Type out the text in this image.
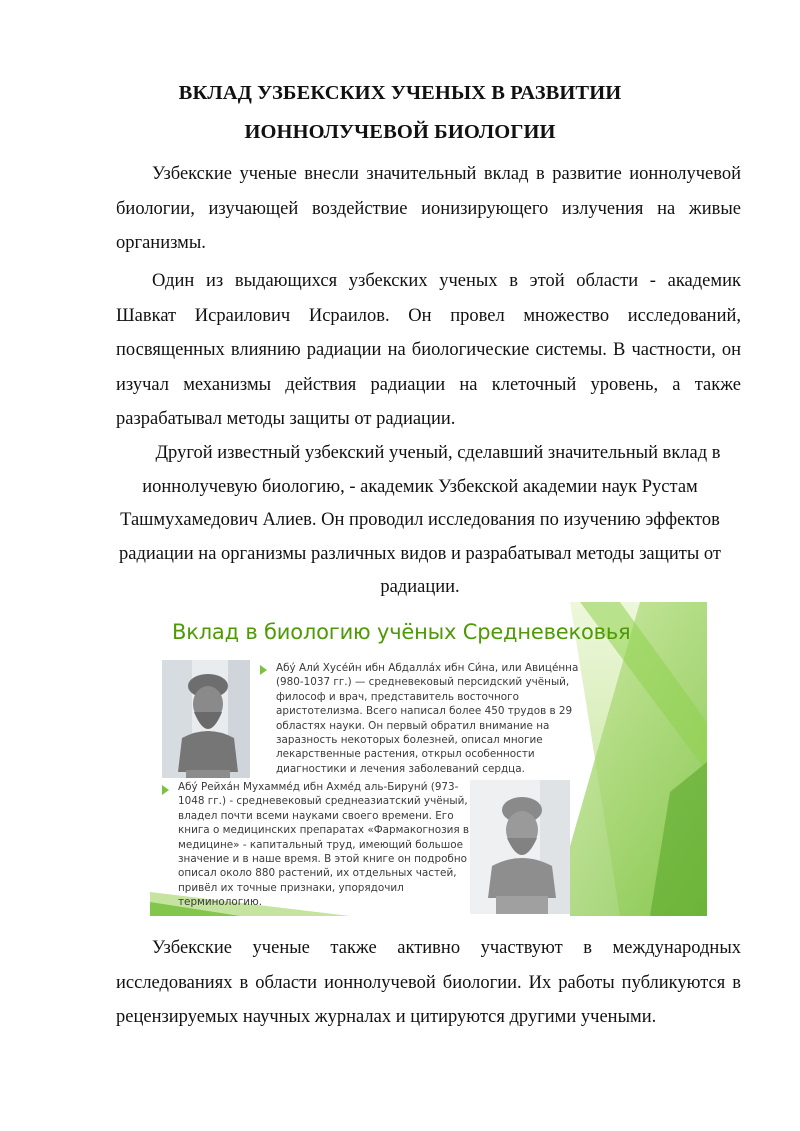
ВКЛАД УЗБЕКСКИХ УЧЕНЫХ В РАЗВИТИИ
ИОННОЛУЧЕВОЙ БИОЛОГИИ
Узбекские ученые внесли значительный вклад в развитие ионнолучевой
биологии, изучающей воздействие ионизирующего излучения на живые
организмы.
Один из выдающихся узбекских ученых в этой области - академик
Шавкат Исраилович Исраилов. Он провел множество исследований,
посвященных влиянию радиации на биологические системы. В частности, он
изучал механизмы действия радиации на клеточный уровень, а также
разрабатывал методы защиты от радиации.
Другой известный узбекский ученый, сделавший значительный вклад в
ионнолучевую биологию, - академик Узбекской академии наук Рустам
Ташмухамедович Алиев. Он проводил исследования по изучению эффектов
радиации на организмы различных видов и разрабатывал методы защиты от
радиации.
Вклад в биологию учёных Средневековья
Абу́ Али́ Хусе́йн ибн Абдалла́х ибн Си́на, или Авице́нна
(980-1037 гг.) — средневековый персидский учёный,
философ и врач, представитель восточного
аристотелизма. Всего написал более 450 трудов в 29
областях науки. Он первый обратил внимание на
заразность некоторых болезней, описал многие
лекарственные растения, открыл особенности
диагностики и лечения заболеваний сердца.
Абу́ Рейха́н Мухамме́д ибн Ахме́д аль-Бируни́ (973-
1048 гг.) - средневековый среднеазиатский учёный,
владел почти всеми науками своего времени. Его
книга о медицинских препаратах «Фармакогнозия в
медицине» - капитальный труд, имеющий большое
значение и в наше время. В этой книге он подробно
описал около 880 растений, их отдельных частей,
привёл их точные признаки, упорядочил
терминологию.
Узбекские ученые также активно участвуют в международных
исследованиях в области ионнолучевой биологии. Их работы публикуются в
рецензируемых научных журналах и цитируются другими учеными.
